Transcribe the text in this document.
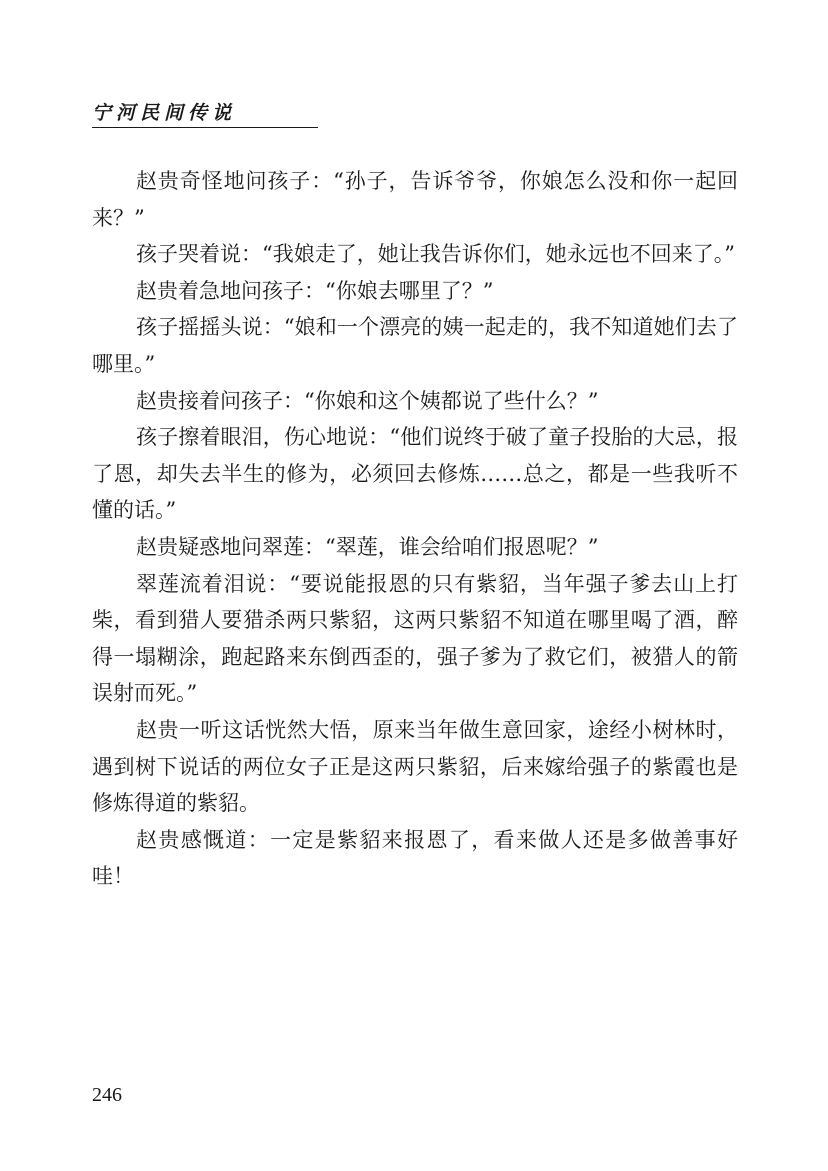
宁河民间传说

赵贵奇怪地问孩子：“孙子，告诉爷爷，你娘怎么没和你一起回来？”

孩子哭着说：“我娘走了，她让我告诉你们，她永远也不回来了。”

赵贵着急地问孩子：“你娘去哪里了？”

孩子摇摇头说：“娘和一个漂亮的姨一起走的，我不知道她们去了哪里。”

赵贵接着问孩子：“你娘和这个姨都说了些什么？”

孩子擦着眼泪，伤心地说：“他们说终于破了童子投胎的大忌，报了恩，却失去半生的修为，必须回去修炼……总之，都是一些我听不懂的话。”

赵贵疑惑地问翠莲：“翠莲，谁会给咱们报恩呢？”

翠莲流着泪说：“要说能报恩的只有紫貂，当年强子爹去山上打柴，看到猎人要猎杀两只紫貂，这两只紫貂不知道在哪里喝了酒，醉得一塌糊涂，跑起路来东倒西歪的，强子爹为了救它们，被猎人的箭误射而死。”

赵贵一听这话恍然大悟，原来当年做生意回家，途经小树林时，遇到树下说话的两位女子正是这两只紫貂，后来嫁给强子的紫霞也是修炼得道的紫貂。

赵贵感慨道：一定是紫貂来报恩了，看来做人还是多做善事好哇！

246
